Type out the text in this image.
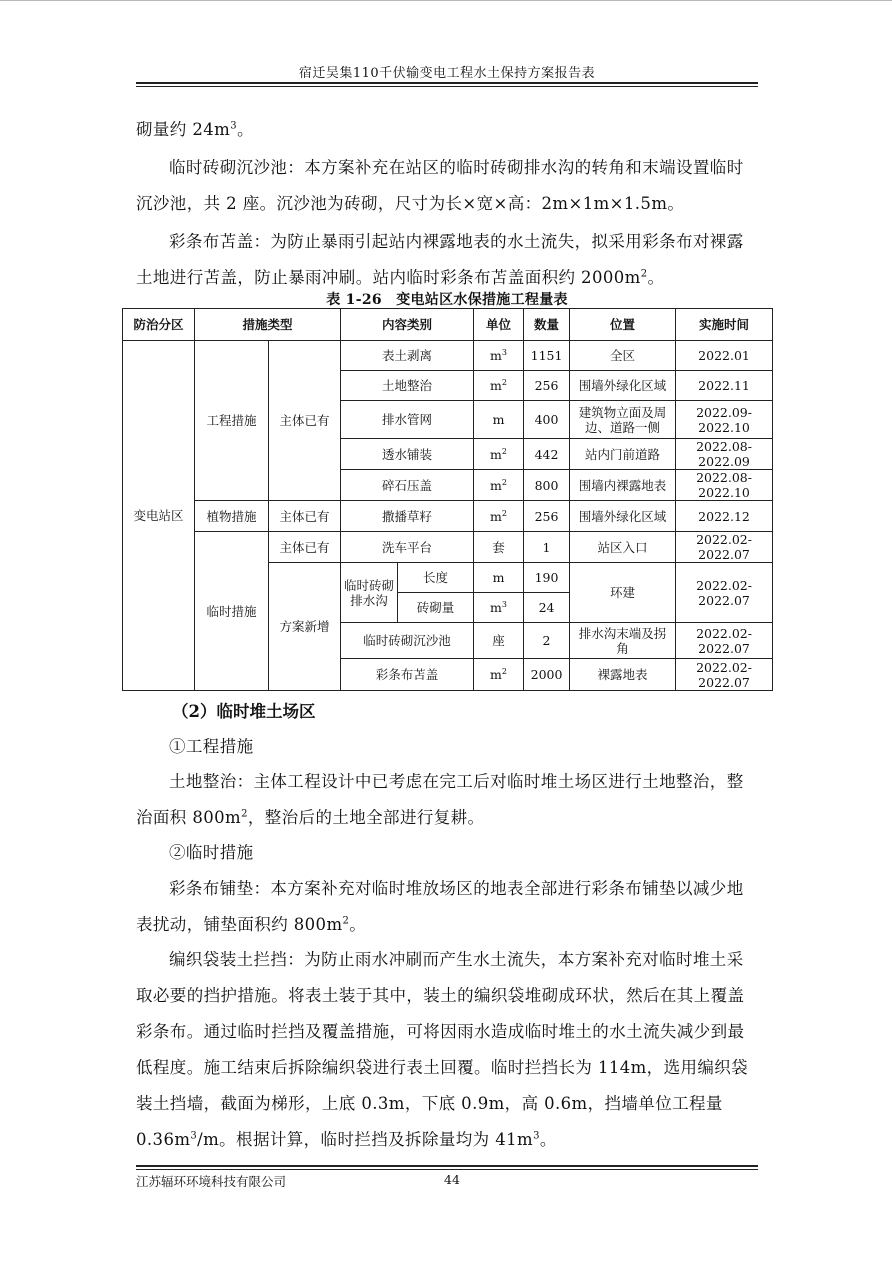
宿迁吴集110千伏输变电工程水土保持方案报告表

砌量约 $24m^3$。

临时砖砌沉沙池：本方案补充在站区的临时砖砌排水沟的转角和末端设置临时沉沙池，共 2 座。沉沙池为砖砌，尺寸为长×宽×高：2m×1m×1.5m。

彩条布苫盖：为防止暴雨引起站内裸露地表的水土流失，拟采用彩条布对裸露土地进行苫盖，防止暴雨冲刷。站内临时彩条布苫盖面积约 $2000m^2$。

表 1-26　变电站区水保措施工程量表
防治分区	措施类型		内容类别		单位	数量	位置	实施时间
变电站区	工程措施	主体已有	表土剥离		$m^3$	1151	全区	2022.01
			土地整治		$m^2$	256	围墙外绿化区域	2022.11
			排水管网		m	400	建筑物立面及周边、道路一侧	2022.09-2022.10
			透水铺装		$m^2$	442	站内门前道路	2022.08-2022.09
			碎石压盖		$m^2$	800	围墙内裸露地表	2022.08-2022.10
	植物措施	主体已有	撒播草籽		$m^2$	256	围墙外绿化区域	2022.12
	临时措施	主体已有	洗车平台		套	1	站区入口	2022.02-2022.07
		方案新增	临时砖砌排水沟	长度	m	190	环建	2022.02-2022.07
				砖砌量	$m^3$	24		
			临时砖砌沉沙池		座	2	排水沟末端及拐角	2022.02-2022.07
			彩条布苫盖		$m^2$	2000	裸露地表	2022.02-2022.07

（2）临时堆土场区

①工程措施

土地整治：主体工程设计中已考虑在完工后对临时堆土场区进行土地整治，整治面积 $800m^2$，整治后的土地全部进行复耕。

②临时措施

彩条布铺垫：本方案补充对临时堆放场区的地表全部进行彩条布铺垫以减少地表扰动，铺垫面积约 $800m^2$。

编织袋装土拦挡：为防止雨水冲刷而产生水土流失，本方案补充对临时堆土采取必要的挡护措施。将表土装于其中，装土的编织袋堆砌成环状，然后在其上覆盖彩条布。通过临时拦挡及覆盖措施，可将因雨水造成临时堆土的水土流失减少到最低程度。施工结束后拆除编织袋进行表土回覆。临时拦挡长为 114m，选用编织袋装土挡墙，截面为梯形，上底 0.3m，下底 0.9m，高 0.6m，挡墙单位工程量 $0.36m^3/m$。根据计算，临时拦挡及拆除量均为 $41m^3$。

江苏辐环环境科技有限公司	44
